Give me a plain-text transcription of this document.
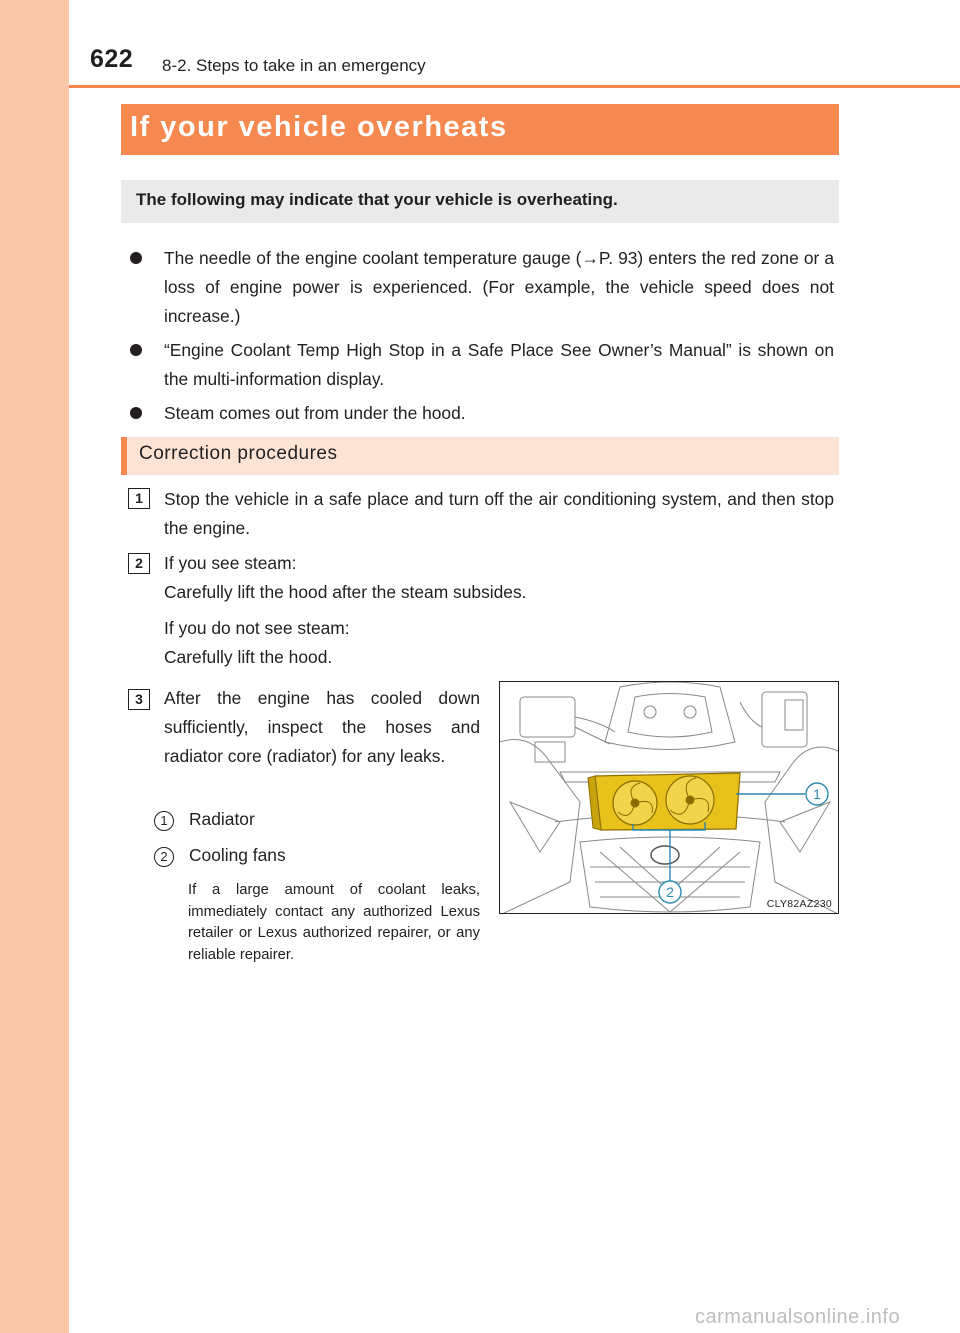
622 8-2. Steps to take in an emergency
If your vehicle overheats
The following may indicate that your vehicle is overheating.
The needle of the engine coolant temperature gauge (→P. 93) enters the red zone or a loss of engine power is experienced. (For example, the vehicle speed does not increase.)
“Engine Coolant Temp High Stop in a Safe Place See Owner’s Manual” is shown on the multi-information display.
Steam comes out from under the hood.
Correction procedures
1	Stop the vehicle in a safe place and turn off the air conditioning system, and then stop the engine.
2	If you see steam:
Carefully lift the hood after the steam subsides.
If you do not see steam:
Carefully lift the hood.
3	After the engine has cooled down sufficiently, inspect the hoses and radiator core (radiator) for any leaks.
1	Radiator
2	Cooling fans
If a large amount of coolant leaks, immediately contact any authorized Lexus retailer or Lexus authorized repairer, or any reliable repairer.
1
2
CLY82AZ230
carmanualsonline.info
